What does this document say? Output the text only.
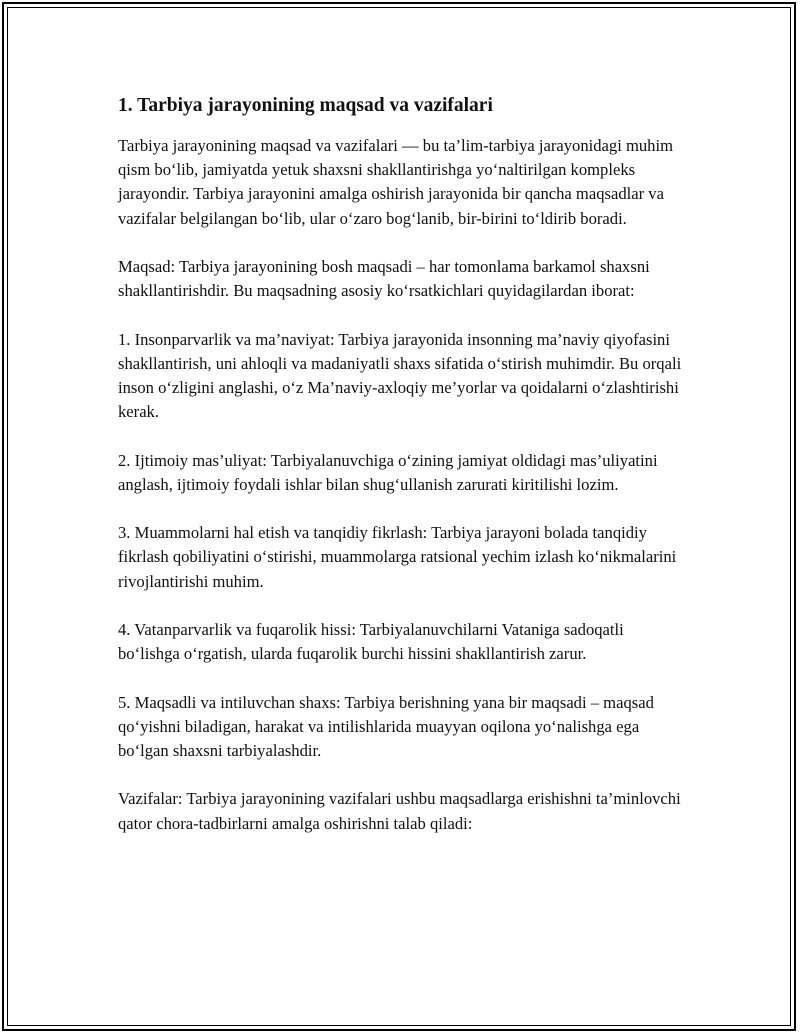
1. Tarbiya jarayonining maqsad va vazifalari

Tarbiya jarayonining maqsad va vazifalari — bu ta’lim-tarbiya jarayonidagi muhim qism bo‘lib, jamiyatda yetuk shaxsni shakllantirishga yo‘naltirilgan kompleks jarayondir. Tarbiya jarayonini amalga oshirish jarayonida bir qancha maqsadlar va vazifalar belgilangan bo‘lib, ular o‘zaro bog‘lanib, bir-birini to‘ldirib boradi.

Maqsad: Tarbiya jarayonining bosh maqsadi – har tomonlama barkamol shaxsni shakllantirishdir. Bu maqsadning asosiy ko‘rsatkichlari quyidagilardan iborat:

1. Insonparvarlik va ma’naviyat: Tarbiya jarayonida insonning ma’naviy qiyofasini shakllantirish, uni ahloqli va madaniyatli shaxs sifatida o‘stirish muhimdir. Bu orqali inson o‘zligini anglashi, o‘z Ma’naviy-axloqiy me’yorlar va qoidalarni o‘zlashtirishi kerak.

2. Ijtimoiy mas’uliyat: Tarbiyalanuvchiga o‘zining jamiyat oldidagi mas’uliyatini anglash, ijtimoiy foydali ishlar bilan shug‘ullanish zarurati kiritilishi lozim.

3. Muammolarni hal etish va tanqidiy fikrlash: Tarbiya jarayoni bolada tanqidiy fikrlash qobiliyatini o‘stirishi, muammolarga ratsional yechim izlash ko‘nikmalarini rivojlantirishi muhim.

4. Vatanparvarlik va fuqarolik hissi: Tarbiyalanuvchilarni Vataniga sadoqatli bo‘lishga o‘rgatish, ularda fuqarolik burchi hissini shakllantirish zarur.

5. Maqsadli va intiluvchan shaxs: Tarbiya berishning yana bir maqsadi – maqsad qo‘yishni biladigan, harakat va intilishlarida muayyan oqilona yo‘nalishga ega bo‘lgan shaxsni tarbiyalashdir.

Vazifalar: Tarbiya jarayonining vazifalari ushbu maqsadlarga erishishni ta’minlovchi qator chora-tadbirlarni amalga oshirishni talab qiladi:
